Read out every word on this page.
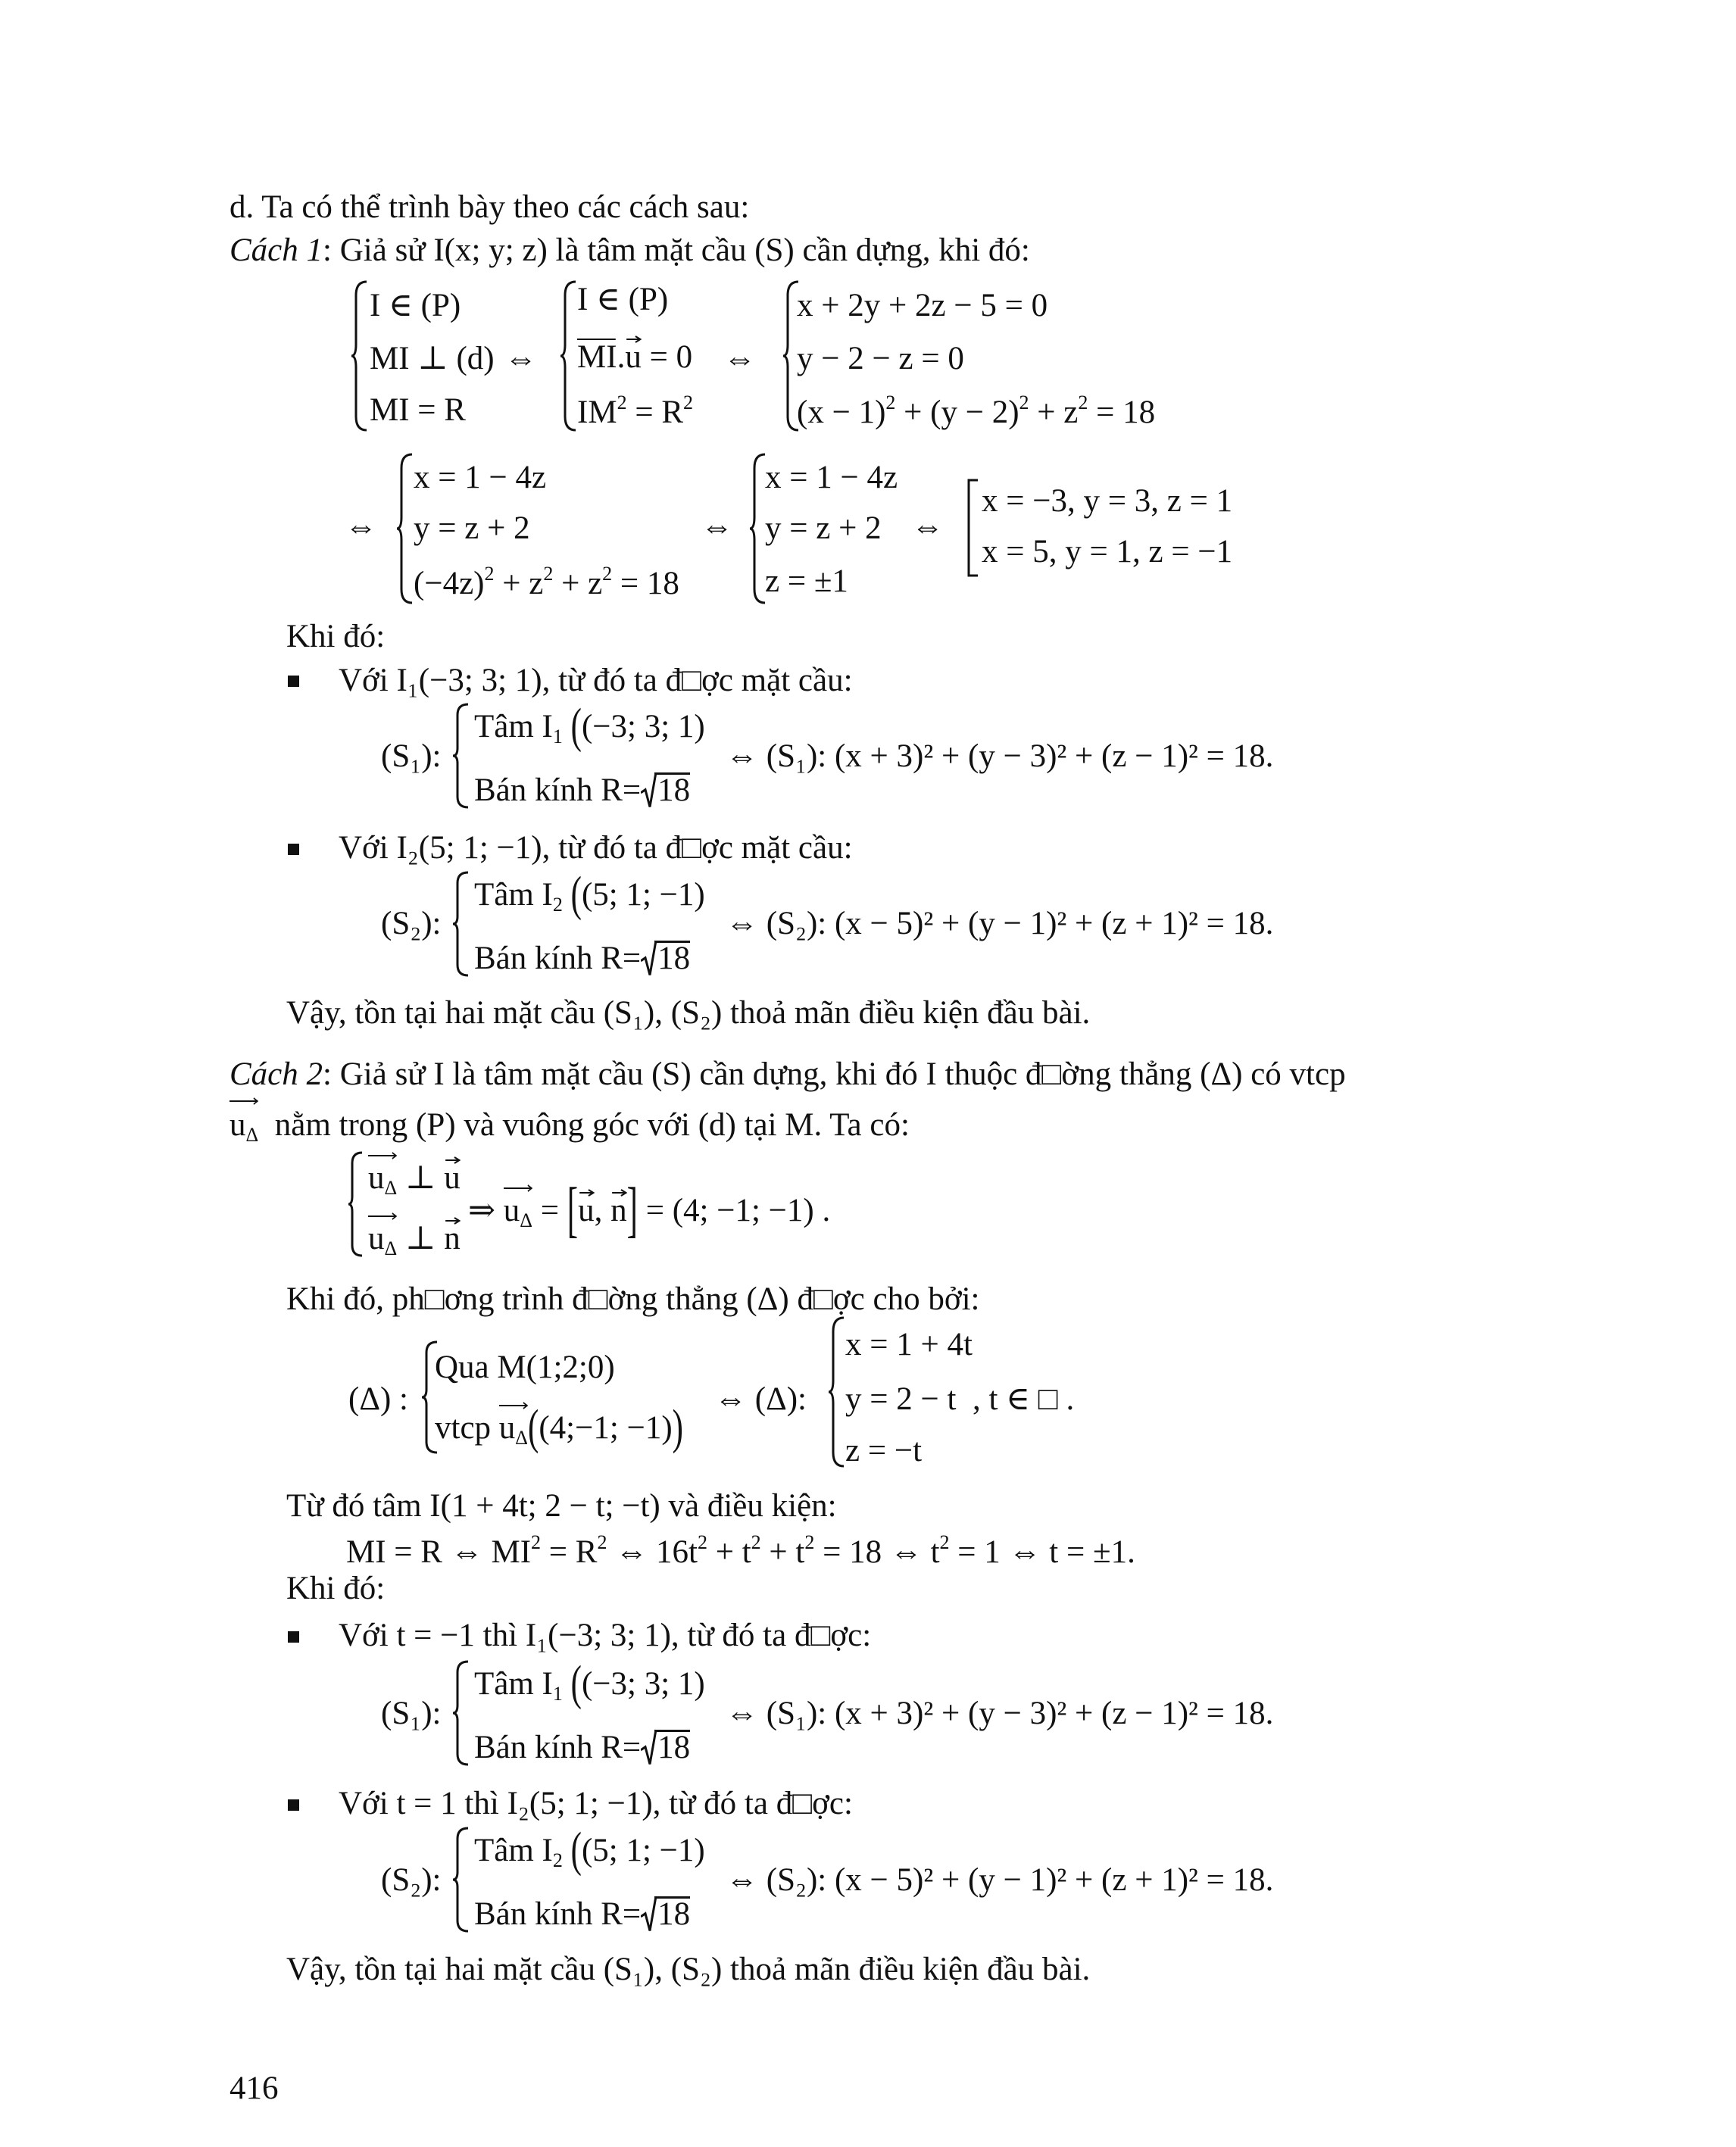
d. Ta có thể trình bày theo các cách sau:
Cách 1: Giả sử I(x; y; z) là tâm mặt cầu (S) cần dựng, khi đó:
I ∈ (P)
MI ⊥ (d)
MI = R
⇔
I ∈ (P)
MI
.u
= 0
$IM^2 = R^2$
⇔
x + 2y + 2z − 5 = 0
y − 2 − z = 0
$(x - 1)^2 + (y - 2)^2 + z^2 = 18$
⇔
x = 1 − 4z
y = z + 2
$(-4z)^2 + z^2 + z^2 = 18$
⇔
x = 1 − 4z
y = z + 2
z = ±1
⇔
x = −3, y = 3, z = 1
x = 5, y = 1, z = −1
Khi đó:
Với I₁(−3; 3; 1), từ đó ta đ□ợc mặt cầu:
(S₁):
Tâm $I_1$ ((−3; 3; 1)
Bán kính R= 18
⇔ (S₁): (x + 3)² + (y − 3)² + (z − 1)² = 18.
Với I₂(5; 1; −1), từ đó ta đ□ợc mặt cầu:
(S₂):
Tâm $I_2$ ((5; 1; −1)
Bán kính R= 18
⇔ (S₂): (x − 5)² + (y − 1)² + (z + 1)² = 18.
Vậy, tồn tại hai mặt cầu (S₁), (S₂) thoả mãn điều kiện đầu bài.
Cách 2: Giả sử I là tâm mặt cầu (S) cần dựng, khi đó I thuộc đ□ờng thẳng (Δ) có vtcp
$u_\Delta$ nằm trong (P) và vuông góc với (d) tại M. Ta có:
$u_\Delta$
⊥ u
$u_\Delta$
⊥ n
⇒ $u_\Delta$
= [u
, n
] = (4; −1; −1) .
Khi đó, ph□ơng trình đ□ờng thẳng (Δ) đ□ợc cho bởi:
(Δ) :
Qua M(1;2;0)
vtcp $u_\Delta$
((4;−1; −1))
⇔ (Δ):
x = 1 + 4t
y = 2 − t , t ∈ □ .
z = −t
Từ đó tâm I(1 + 4t; 2 − t; −t) và điều kiện:
MI = R ⇔ $MI^2 = R^2$ ⇔ $16t^2 + t^2 + t^2 = 18$ ⇔ $t^2 = 1$ ⇔ t = ±1.
Khi đó:
Với t = −1 thì I₁(−3; 3; 1), từ đó ta đ□ợc:
(S₁):
Tâm $I_1$ ((−3; 3; 1)
Bán kính R= 18
⇔ (S₁): (x + 3)² + (y − 3)² + (z − 1)² = 18.
Với t = 1 thì I₂(5; 1; −1), từ đó ta đ□ợc:
(S₂):
Tâm $I_2$ ((5; 1; −1)
Bán kính R= 18
⇔ (S₂): (x − 5)² + (y − 1)² + (z + 1)² = 18.
Vậy, tồn tại hai mặt cầu (S₁), (S₂) thoả mãn điều kiện đầu bài.
416
